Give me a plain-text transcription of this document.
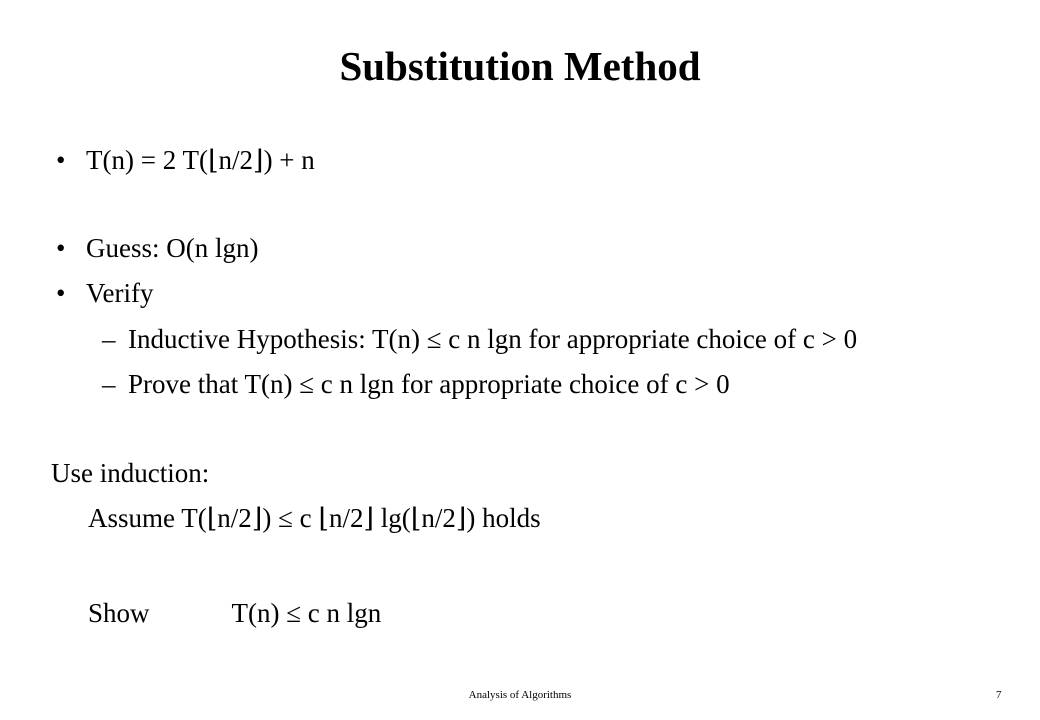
Substitution Method
• T(n) = 2 T(⌊n/2⌋) + n
• Guess: O(n lgn)
• Verify
– Inductive Hypothesis: T(n) ≤ c n lgn for appropriate choice of c > 0
– Prove that T(n) ≤ c n lgn for appropriate choice of c > 0
Use induction:
Assume T(⌊n/2⌋) ≤ c ⌊n/2⌋ lg(⌊n/2⌋) holds
Show	T(n) ≤ c n lgn
Analysis of Algorithms	7
